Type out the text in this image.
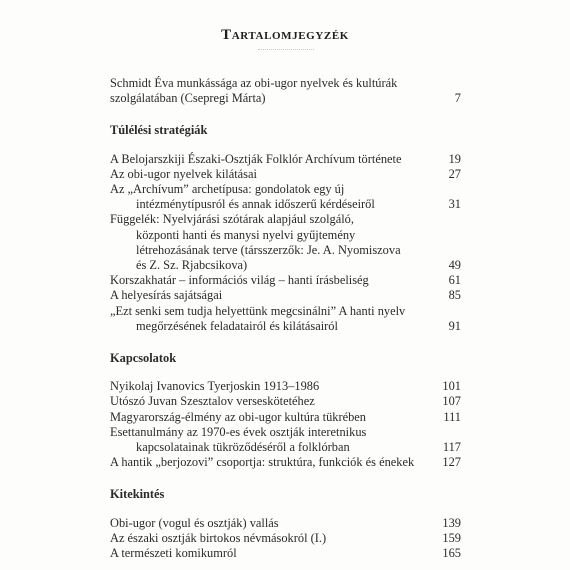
Tartalomjegyzék
Schmidt Éva munkássága az obi-ugor nyelvek és kultúrák
szolgálatában (Csepregi Márta)	7
Túlélési stratégiák
A Belojarszkiji Északi-Osztják Folklór Archívum története	19
Az obi-ugor nyelvek kilátásai	27
Az „Archívum” archetípusa: gondolatok egy új
intézménytípusról és annak időszerű kérdéseiről	31
Függelék: Nyelvjárási szótárak alapjául szolgáló,
központi hanti és manysi nyelvi gyűjtemény
létrehozásának terve (társszerzők: Je. A. Nyomiszova
és Z. Sz. Rjabcsikova)	49
Korszakhatár – információs világ – hanti írásbeliség	61
A helyesírás sajátságai	85
„Ezt senki sem tudja helyettünk megcsinálni” A hanti nyelv
megőrzésének feladatairól és kilátásairól	91
Kapcsolatok
Nyikolaj Ivanovics Tyerjoskin 1913–1986	101
Utószó Juvan Szesztalov verseskötetéhez	107
Magyarország-élmény az obi-ugor kultúra tükrében	111
Esettanulmány az 1970-es évek osztják interetnikus
kapcsolatainak tükröződéséről a folklórban	117
A hantik „berjozovi” csoportja: struktúra, funkciók és énekek	127
Kitekintés
Obi-ugor (vogul és osztják) vallás	139
Az északi osztják birtokos névmásokról (I.)	159
A természeti komikumról	165
